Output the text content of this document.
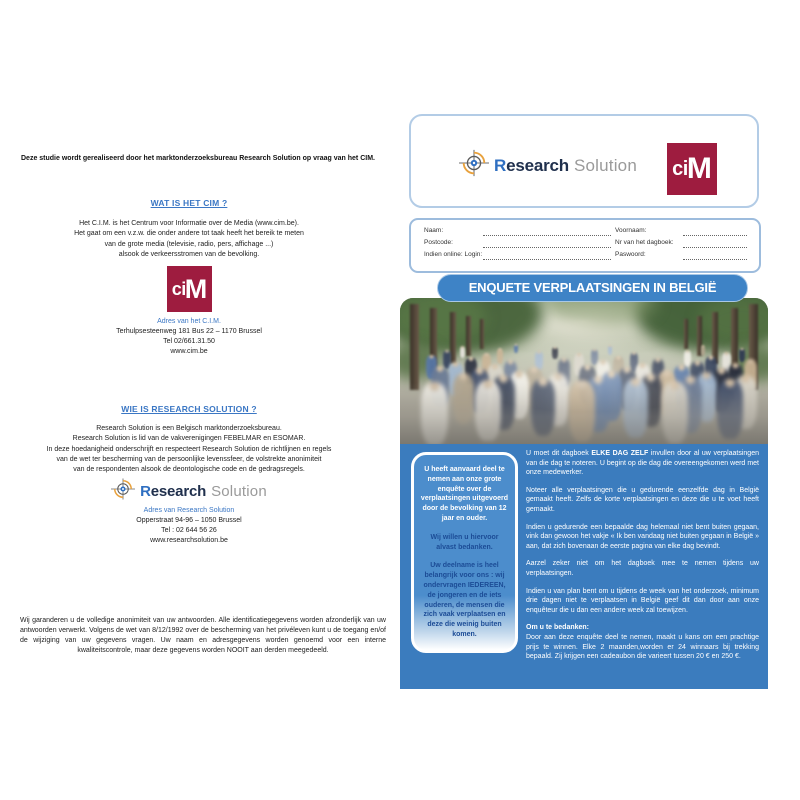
Deze studie wordt gerealiseerd door het marktonderzoeksbureau Research Solution op vraag van het CIM.
WAT IS HET CIM ?
Het C.I.M. is het Centrum voor Informatie over de Media (www.cim.be).
Het gaat om een v.z.w. die onder andere tot taak heeft het bereik te meten
van de grote media (televisie, radio, pers, affichage ...)
alsook de verkeersstromen van de bevolking.
ci M
Adres van het C.I.M.
Terhulpsesteenweg 181 Bus 22 – 1170 Brussel
Tel 02/661.31.50
www.cim.be
WIE IS RESEARCH SOLUTION ?
Research Solution is een Belgisch marktonderzoeksbureau.
Research Solution is lid van de vakverenigingen FEBELMAR en ESOMAR.
In deze hoedanigheid onderschrijft en respecteert Research Solution de richtlijnen en regels
van de wet ter bescherming van de persoonlijke levenssfeer, de volstrekte anonimiteit
van de respondenten alsook de deontologische code en de gedragsregels.
Research Solution
Adres van Research Solution
Opperstraat 94-96 – 1050 Brussel
Tel : 02 644 56 26
www.researchsolution.be
Wij garanderen u de volledige anonimiteit van uw antwoorden. Alle identificatiegegevens worden afzonderlijk van uw antwoorden verwerkt. Volgens de wet van 8/12/1992 over de bescherming van het privéleven kunt u de toegang en/of de wijziging van uw gegevens vragen. Uw naam en adresgegevens worden genoemd voor een interne kwaliteitscontrole, maar deze gegevens worden NOOIT aan derden meegedeeld.
Research Solution ci M
Naam:	Voornaam:
Postcode:	Nr van het dagboek:
Indien online: Login:	Paswoord:
ENQUETE VERPLAATSINGEN IN BELGIË

U heeft aanvaard deel te nemen aan onze grote enquête over de verplaatsingen uitgevoerd door de bevolking van 12 jaar en ouder.

Wij willen u hiervoor alvast bedanken.

Uw deelname is heel belangrijk voor ons : wij ondervragen IEDEREEN, de jongeren en de iets ouderen, de mensen die zich vaak verplaatsen en deze die weinig buiten komen.

U moet dit dagboek ELKE DAG ZELF invullen door al uw verplaatsingen van die dag te noteren. U begint op die dag die overeengekomen werd met onze medewerker.

Noteer alle verplaatsingen die u gedurende eenzelfde dag in België gemaakt heeft. Zelfs de korte verplaatsingen en deze die u te voet heeft gemaakt.

Indien u gedurende een bepaalde dag helemaal niet bent buiten gegaan, vink dan gewoon het vakje « Ik ben vandaag niet buiten gegaan in België » aan, dat zich bovenaan de eerste pagina van elke dag bevindt.

Aarzel zeker niet om het dagboek mee te nemen tijdens uw verplaatsingen.

Indien u van plan bent om u tijdens de week van het onderzoek, minimum drie dagen niet te verplaatsen in België geef dit dan door aan onze enquêteur die u dan een andere week zal toewijzen.

Om u te bedanken:
Door aan deze enquête deel te nemen, maakt u kans om een prachtige prijs te winnen. Elke 2 maanden,worden er 24 winnaars bij trekking bepaald. Zij krijgen een cadeaubon die varieert tussen 20 € en 250 €.
